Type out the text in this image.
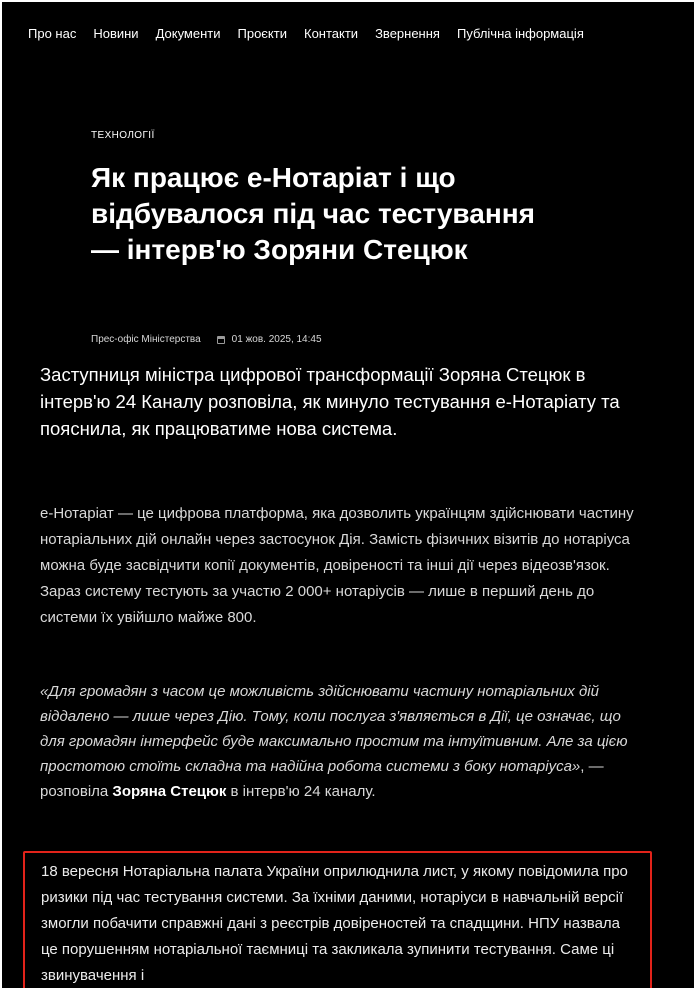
Про нас Новини Документи Проєкти Контакти Звернення Публічна інформація
ТЕХНОЛОГІЇ
Як працює е-Нотаріат і що відбувалося під час тестування — інтерв'ю Зоряни Стецюк
Прес-офіс Міністерства	01 жов. 2025, 14:45

Заступниця міністра цифрової трансформації Зоряна Стецюк в інтерв'ю 24 Каналу розповіла, як минуло тестування е-Нотаріату та пояснила, як працюватиме нова система.

е-Нотаріат — це цифрова платформа, яка дозволить українцям здійснювати частину нотаріальних дій онлайн через застосунок Дія. Замість фізичних візитів до нотаріуса можна буде засвідчити копії документів, довіреності та інші дії через відеозв'язок. Зараз систему тестують за участю 2 000+ нотаріусів — лише в перший день до системи їх увійшло майже 800.

«Для громадян з часом це можливість здійснювати частину нотаріальних дій віддалено — лише через Дію. Тому, коли послуга з'являється в Дії, це означає, що для громадян інтерфейс буде максимально простим та інтуїтивним. Але за цією простотою стоїть складна та надійна робота системи з боку нотаріуса», — розповіла Зоряна Стецюк в інтерв'ю 24 каналу.

18 вересня Нотаріальна палата України оприлюднила лист, у якому повідомила про ризики під час тестування системи. За їхніми даними, нотаріуси в навчальній версії змогли побачити справжні дані з реєстрів довіреностей та спадщини. НПУ назвала це порушенням нотаріальної таємниці та закликала зупинити тестування. Саме ці звинувачення і
